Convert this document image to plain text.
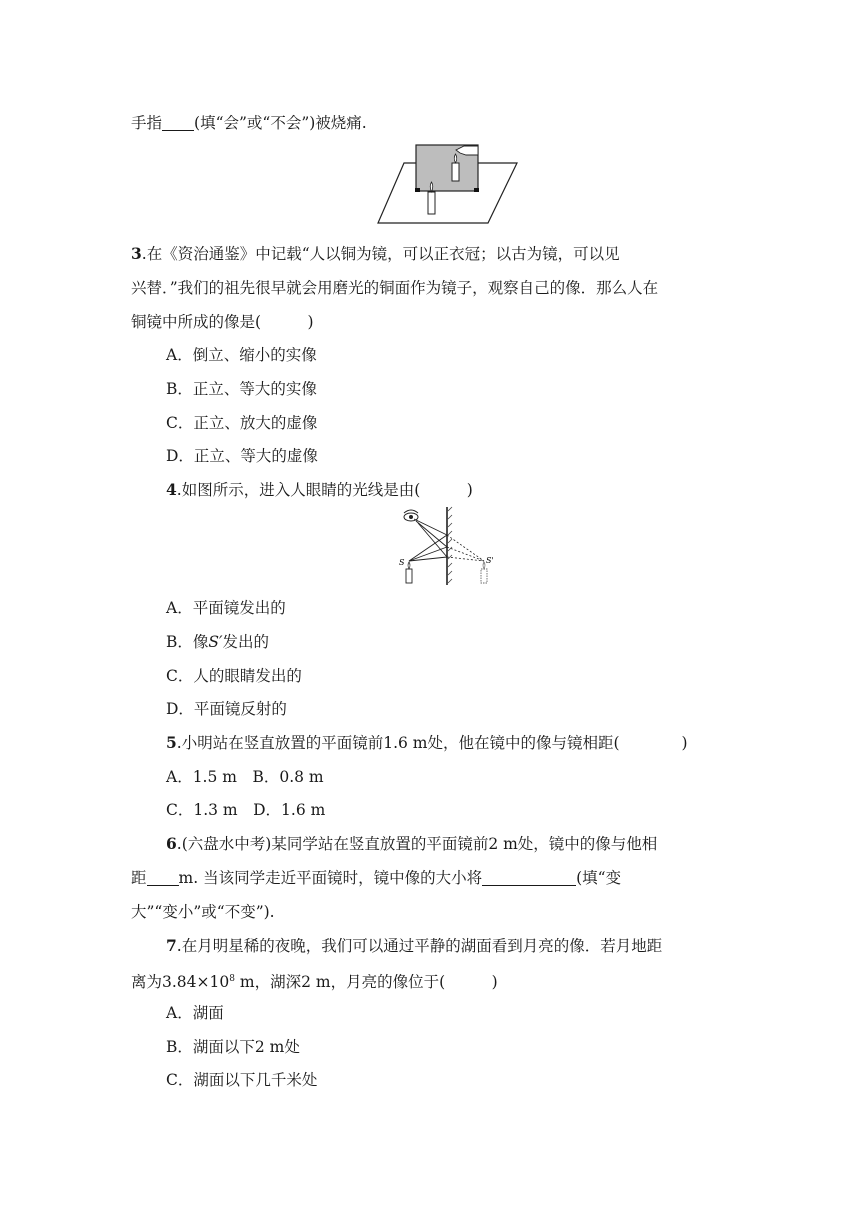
手指 (填“会”或“不会”)被烧痛.
3.在《资治通鉴》中记载“人以铜为镜，可以正衣冠；以古为镜，可以见
兴替．”我们的祖先很早就会用磨光的铜面作为镜子，观察自己的像．那么人在
铜镜中所成的像是(　　　)
A．倒立、缩小的实像
B．正立、等大的实像
C．正立、放大的虚像
D．正立、等大的虚像
4.如图所示，进入人眼睛的光线是由(　　　)
S	S'
A．平面镜发出的
B．像S′发出的
C．人的眼睛发出的
D．平面镜反射的
5.小明站在竖直放置的平面镜前1.6 m处，他在镜中的像与镜相距(　　　　)
A．1.5 m　B．0.8 m
C．1.3 m　D．1.6 m
6.(六盘水中考)某同学站在竖直放置的平面镜前2 m处，镜中的像与他相
距 m. 当该同学走近平面镜时，镜中像的大小将	(填“变
大”“变小”或“不变”).
7.在月明星稀的夜晚，我们可以通过平静的湖面看到月亮的像．若月地距
离为$3.84\times 10^8$ m，湖深2 m，月亮的像位于(　　　)
A．湖面
B．湖面以下2 m处
C．湖面以下几千米处
